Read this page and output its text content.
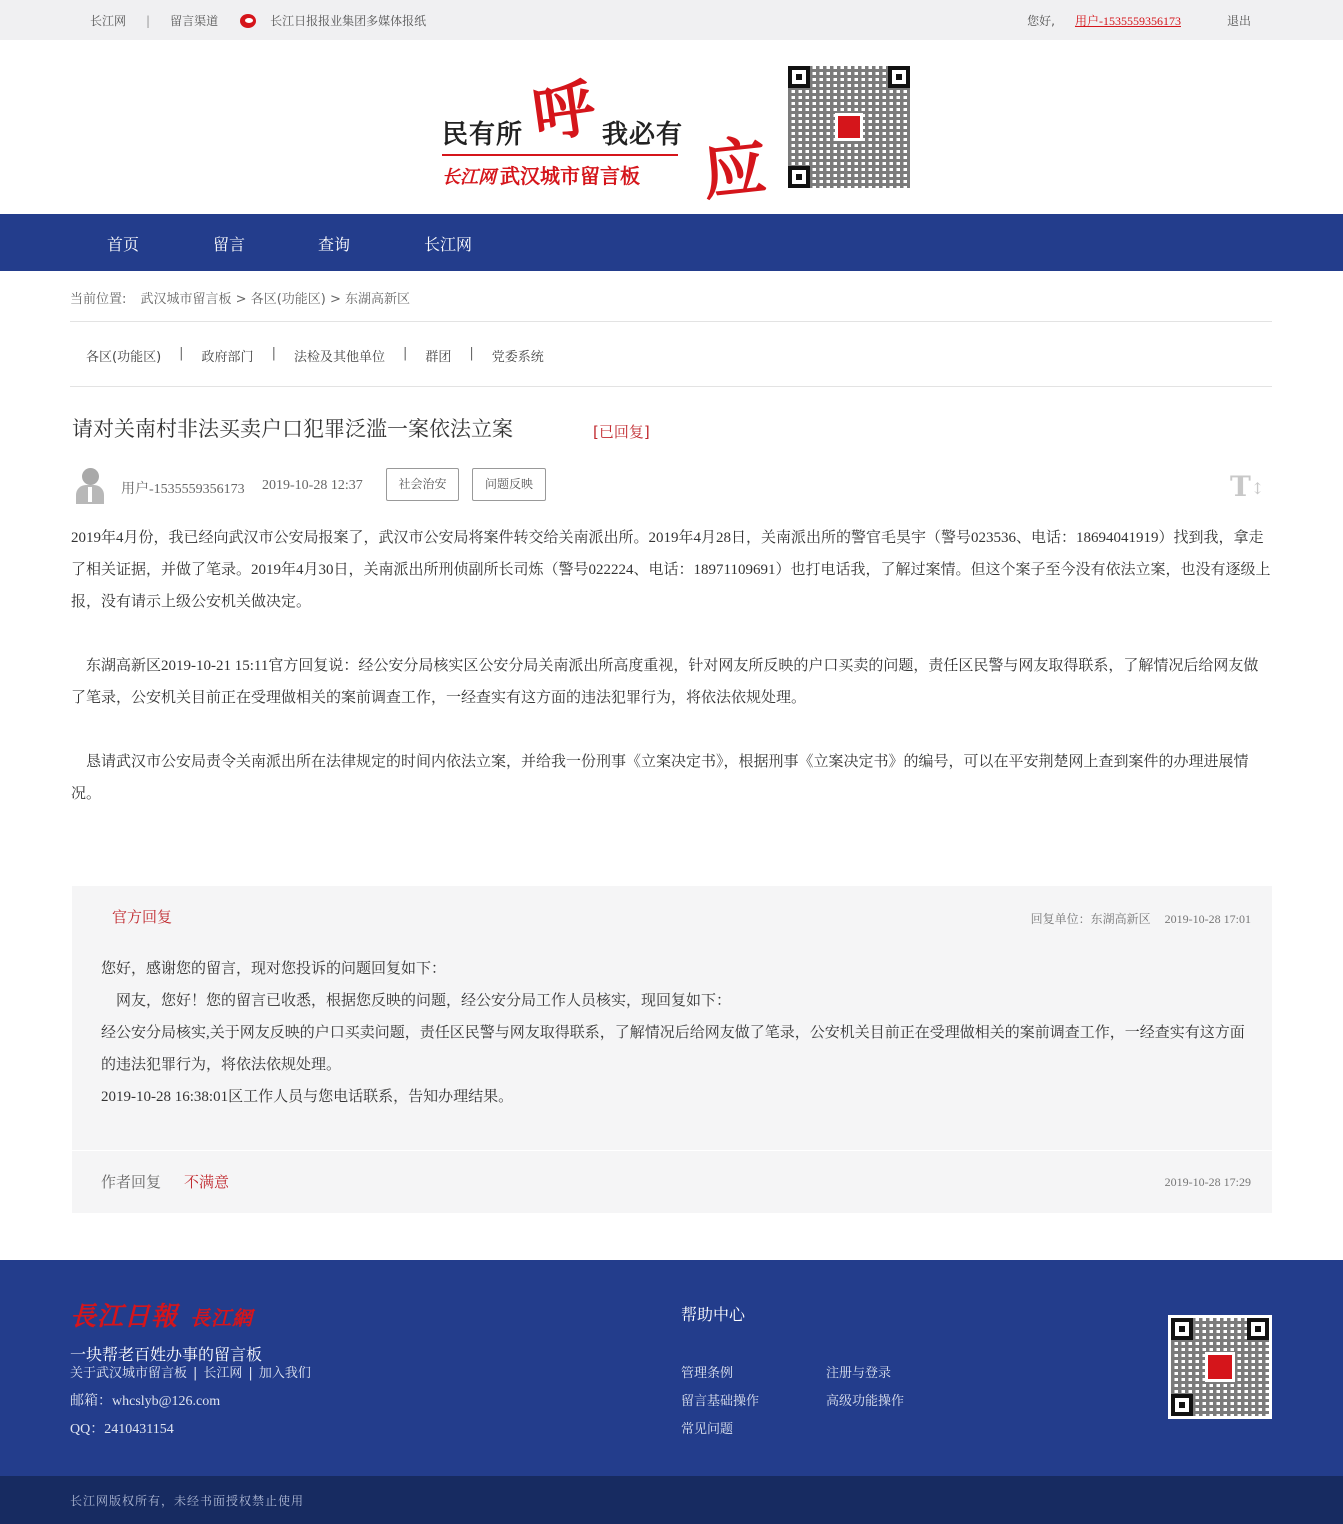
长江网 | 留言渠道	长江日报报业集团多媒体报纸	您好, 用户-1535559356173	退出
民有所 呼 我必有 应
长江网 武汉城市留言板
首页	留言	查询	长江网
当前位置: 武汉城市留言板 > 各区(功能区) > 东湖高新区
各区(功能区) | 政府部门 | 法检及其他单位 | 群团 | 党委系统
请对关南村非法买卖户口犯罪泛滥一案依法立案	[已回复]
用户-1535559356173 2019-10-28 12:37	社会治安	问题反映	T↕

2019年4月份，我已经向武汉市公安局报案了，武汉市公安局将案件转交给关南派出所。2019年4月28日，关南派出所的警官毛昊宇（警号023536、电话：18694041919）找到我，拿走了相关证据，并做了笔录。2019年4月30日，关南派出所刑侦副所长司炼（警号022224、电话：18971109691）也打电话我，了解过案情。但这个案子至今没有依法立案，也没有逐级上报，没有请示上级公安机关做决定。

　东湖高新区2019-10-21 15:11官方回复说：经公安分局核实区公安分局关南派出所高度重视，针对网友所反映的户口买卖的问题，责任区民警与网友取得联系，了解情况后给网友做了笔录，公安机关目前正在受理做相关的案前调查工作，一经查实有这方面的违法犯罪行为，将依法依规处理。

　恳请武汉市公安局责令关南派出所在法律规定的时间内依法立案，并给我一份刑事《立案决定书》，根据刑事《立案决定书》的编号，可以在平安荆楚网上查到案件的办理进展情况。

官方回复	回复单位：东湖高新区 2019-10-28 17:01
您好，感谢您的留言，现对您投诉的问题回复如下：
　网友，您好！您的留言已收悉，根据您反映的问题，经公安分局工作人员核实，现回复如下：
经公安分局核实,关于网友反映的户口买卖问题，责任区民警与网友取得联系，了解情况后给网友做了笔录，公安机关目前正在受理做相关的案前调查工作，一经查实有这方面的违法犯罪行为，将依法依规处理。
2019-10-28 16:38:01区工作人员与您电话联系，告知办理结果。
作者回复 不满意	2019-10-28 17:29
長江日報 長江網
一块帮老百姓办事的留言板
关于武汉城市留言板 | 长江网 | 加入我们
邮箱：whcslyb@126.com
QQ：2410431154
帮助中心
管理条例	注册与登录
留言基础操作	高级功能操作
常见问题
长江网版权所有，未经书面授权禁止使用
